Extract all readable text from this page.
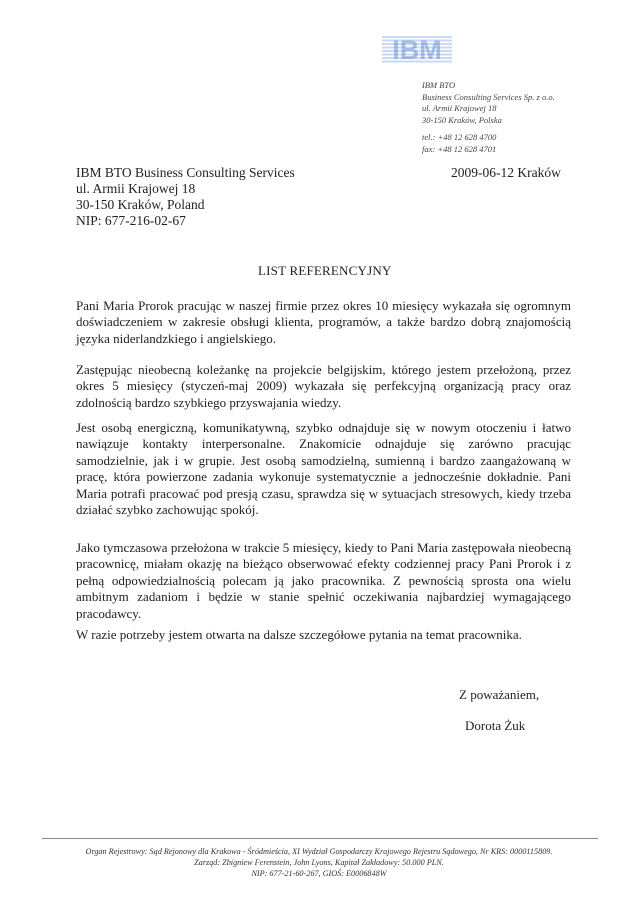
IBM
IBM BTO
Business Consulting Services Sp. z o.o.
ul. Armii Krajowej 18
30-150 Kraków, Polska
tel.: +48 12 628 4700
fax: +48 12 628 4701
IBM BTO Business Consulting Services
ul. Armii Krajowej 18
30-150 Kraków, Poland
NIP: 677-216-02-67
2009-06-12 Kraków
LIST REFERENCYJNY

Pani Maria Prorok pracując w naszej firmie przez okres 10 miesięcy wykazała się ogromnym doświadczeniem w zakresie obsługi klienta, programów, a także bardzo dobrą znajomością języka niderlandzkiego i angielskiego.

Zastępując nieobecną koleżankę na projekcie belgijskim, którego jestem przełożoną, przez okres 5 miesięcy (styczeń-maj 2009) wykazała się perfekcyjną organizacją pracy oraz zdolnością bardzo szybkiego przyswajania wiedzy.

Jest osobą energiczną, komunikatywną, szybko odnajduje się w nowym otoczeniu i łatwo nawiązuje kontakty interpersonalne. Znakomicie odnajduje się zarówno pracując samodzielnie, jak i w grupie. Jest osobą samodzielną, sumienną i bardzo zaangażowaną w pracę, która powierzone zadania wykonuje systematycznie a jednocześnie dokładnie. Pani Maria potrafi pracować pod presją czasu, sprawdza się w sytuacjach stresowych, kiedy trzeba działać szybko zachowując spokój.

Jako tymczasowa przełożona w trakcie 5 miesięcy, kiedy to Pani Maria zastępowała nieobecną pracownicę, miałam okazję na bieżąco obserwować efekty codziennej pracy Pani Prorok i z pełną odpowiedzialnością polecam ją jako pracownika. Z pewnością sprosta ona wielu ambitnym zadaniom i będzie w stanie spełnić oczekiwania najbardziej wymagającego pracodawcy.

W razie potrzeby jestem otwarta na dalsze szczegółowe pytania na temat pracownika.

Z poważaniem,
Dorota Żuk
Organ Rejestrowy: Sąd Rejonowy dla Krakowa - Śródmieścia, XI Wydział Gospodarczy Krajowego Rejestru Sądowego, Nr KRS: 0000115809.
Zarząd: Zbigniew Ferenstein, John Lyons, Kapitał Zakładowy: 50.000 PLN.
NIP: 677-21-60-267, GIOŚ: E0006848W
